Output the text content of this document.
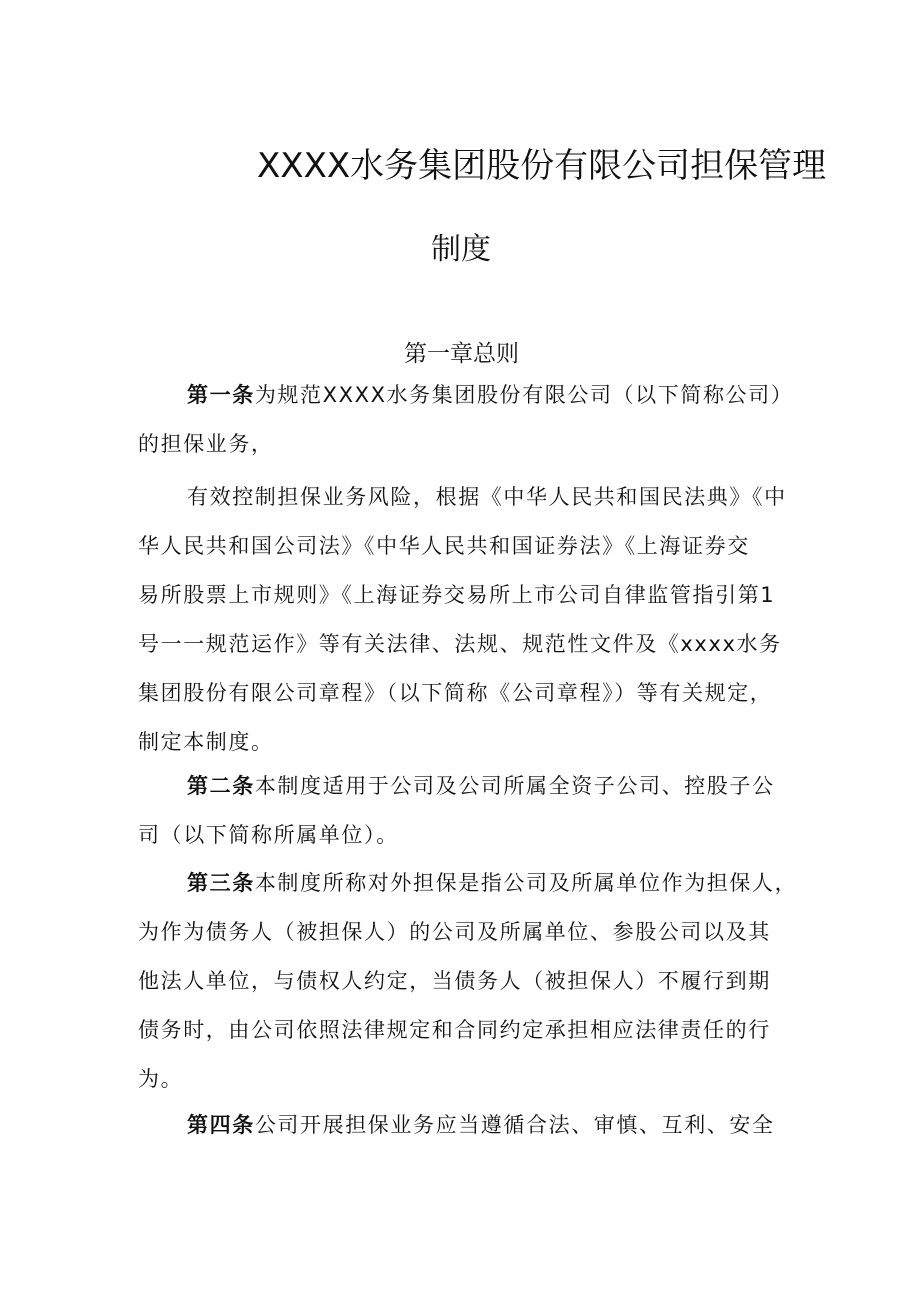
XXXX水务集团股份有限公司担保管理
制度
第一章总则
第一条为规范XXXX水务集团股份有限公司（以下简称公司）
的担保业务，
有效控制担保业务风险，根据《中华人民共和国民法典》《中
华人民共和国公司法》《中华人民共和国证券法》《上海证券交
易所股票上市规则》《上海证券交易所上市公司自律监管指引第1
号一一规范运作》等有关法律、法规、规范性文件及《xxxx水务
集团股份有限公司章程》（以下简称《公司章程》）等有关规定，
制定本制度。
第二条本制度适用于公司及公司所属全资子公司、控股子公
司（以下简称所属单位）。
第三条本制度所称对外担保是指公司及所属单位作为担保人，
为作为债务人（被担保人）的公司及所属单位、参股公司以及其
他法人单位，与债权人约定，当债务人（被担保人）不履行到期
债务时，由公司依照法律规定和合同约定承担相应法律责任的行
为。
第四条公司开展担保业务应当遵循合法、审慎、互利、安全
